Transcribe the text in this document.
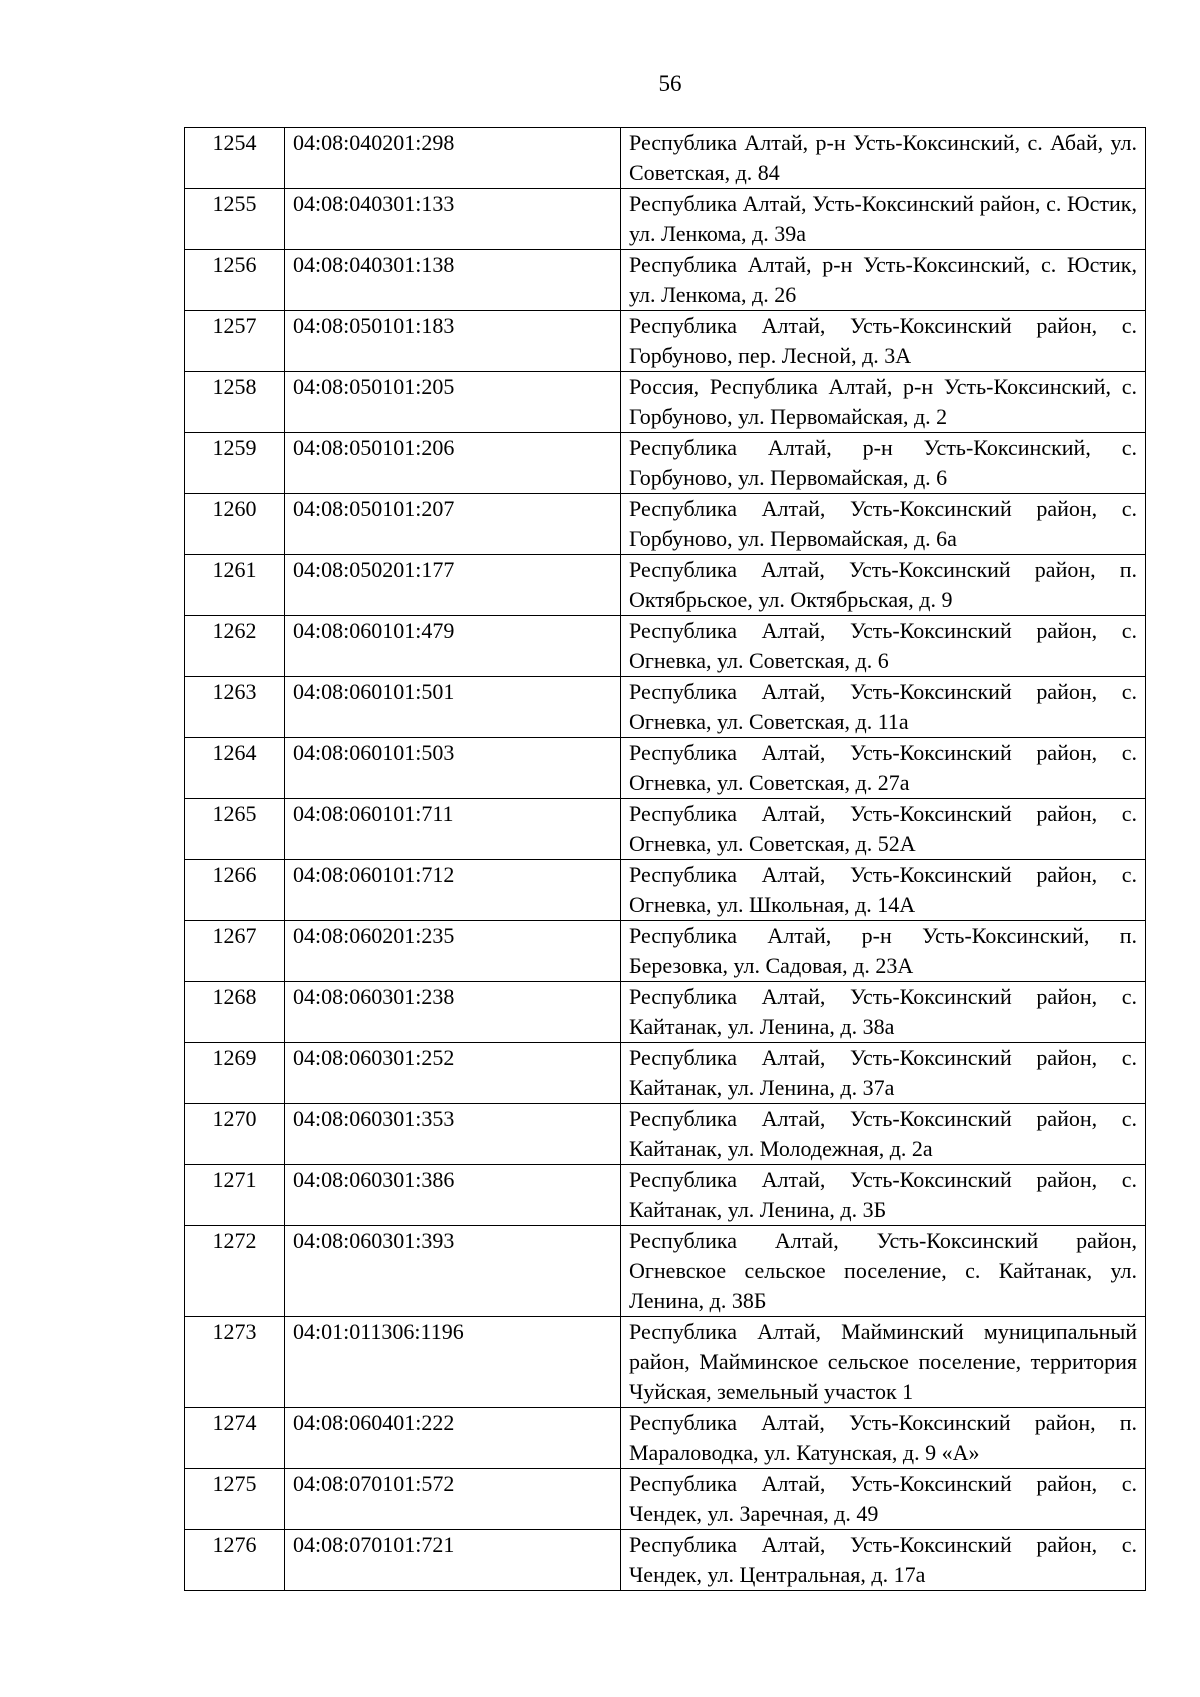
56
1254	04:08:040201:298	Республика Алтай, р-н Усть-Коксинский, с. Абай, ул. Советская, д. 84
1255	04:08:040301:133	Республика Алтай, Усть-Коксинский район, с. Юстик, ул. Ленкома, д. 39а
1256	04:08:040301:138	Республика Алтай, р-н Усть-Коксинский, с. Юстик, ул. Ленкома, д. 26
1257	04:08:050101:183	Республика Алтай, Усть-Коксинский район, с. Горбуново, пер. Лесной, д. 3А
1258	04:08:050101:205	Россия, Республика Алтай, р-н Усть-Коксинский, с. Горбуново, ул. Первомайская, д. 2
1259	04:08:050101:206	Республика Алтай, р-н Усть-Коксинский, с. Горбуново, ул. Первомайская, д. 6
1260	04:08:050101:207	Республика Алтай, Усть-Коксинский район, с. Горбуново, ул. Первомайская, д. 6а
1261	04:08:050201:177	Республика Алтай, Усть-Коксинский район, п. Октябрьское, ул. Октябрьская, д. 9
1262	04:08:060101:479	Республика Алтай, Усть-Коксинский район, с. Огневка, ул. Советская, д. 6
1263	04:08:060101:501	Республика Алтай, Усть-Коксинский район, с. Огневка, ул. Советская, д. 11а
1264	04:08:060101:503	Республика Алтай, Усть-Коксинский район, с. Огневка, ул. Советская, д. 27а
1265	04:08:060101:711	Республика Алтай, Усть-Коксинский район, с. Огневка, ул. Советская, д. 52А
1266	04:08:060101:712	Республика Алтай, Усть-Коксинский район, с. Огневка, ул. Школьная, д. 14А
1267	04:08:060201:235	Республика Алтай, р-н Усть-Коксинский, п. Березовка, ул. Садовая, д. 23А
1268	04:08:060301:238	Республика Алтай, Усть-Коксинский район, с. Кайтанак, ул. Ленина, д. 38а
1269	04:08:060301:252	Республика Алтай, Усть-Коксинский район, с. Кайтанак, ул. Ленина, д. 37а
1270	04:08:060301:353	Республика Алтай, Усть-Коксинский район, с. Кайтанак, ул. Молодежная, д. 2а
1271	04:08:060301:386	Республика Алтай, Усть-Коксинский район, с. Кайтанак, ул. Ленина, д. 3Б
1272	04:08:060301:393	Республика Алтай, Усть-Коксинский район, Огневское сельское поселение, с. Кайтанак, ул. Ленина, д. 38Б
1273	04:01:011306:1196	Республика Алтай, Майминский муниципальный район, Майминское сельское поселение, территория Чуйская, земельный участок 1
1274	04:08:060401:222	Республика Алтай, Усть-Коксинский район, п. Мараловодка, ул. Катунская, д. 9 «А»
1275	04:08:070101:572	Республика Алтай, Усть-Коксинский район, с. Чендек, ул. Заречная, д. 49
1276	04:08:070101:721	Республика Алтай, Усть-Коксинский район, с. Чендек, ул. Центральная, д. 17а
